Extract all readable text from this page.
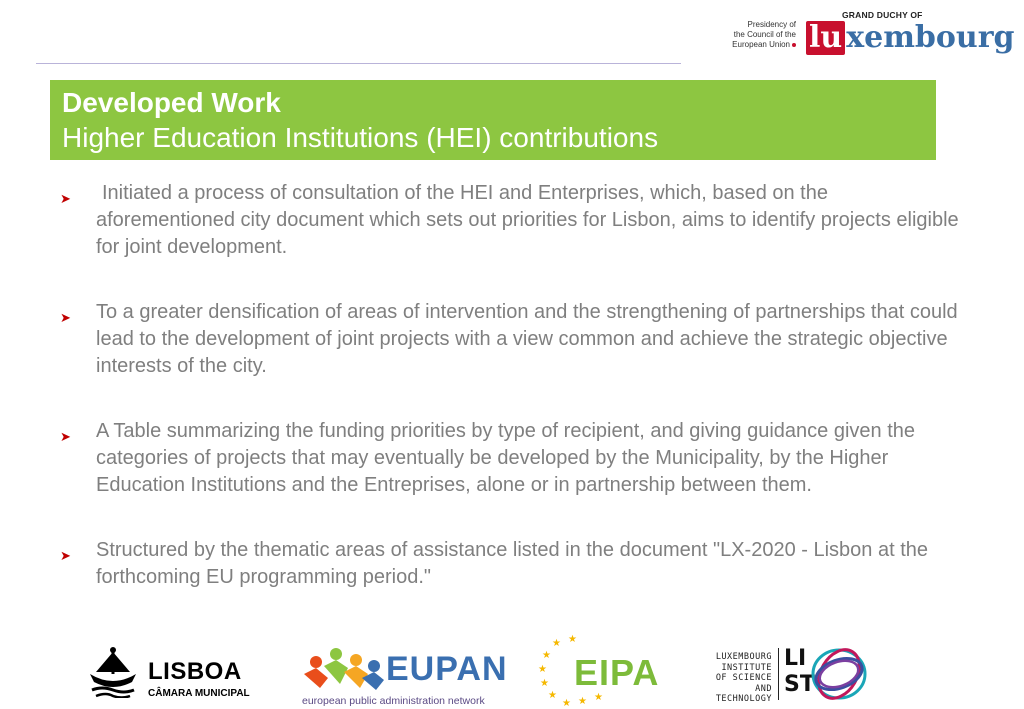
GRAND DUCHY OF
Presidency of
the Council of the
European Union lu xembourg
Developed Work
Higher Education Institutions (HEI) contributions
➤	Initiated a process of consultation of the HEI and Enterprises, which, based on the aforementioned city document which sets out priorities for Lisbon, aims to identify projects eligible for joint development.
➤ To a greater densification of areas of intervention and the strengthening of partnerships that could lead to the development of joint projects with a view common and achieve the strategic objective interests of the city.
➤ A Table summarizing the funding priorities by type of recipient, and giving guidance given the categories of projects that may eventually be developed by the Municipality, by the Higher Education Institutions and the Entreprises, alone or in partnership between them.
➤ Structured by the thematic areas of assistance listed in the document "LX-2020 - Lisbon at the forthcoming EU programming period."
LISBOA
CÂMARA MUNICIPAL
EUPAN
european public administration network
★
★
★
★
★
★ ★ ★
★
EIPA	LUXEMBOURG
INSTITUTE
OF SCIENCE
AND TECHNOLOGY
LI
ST
